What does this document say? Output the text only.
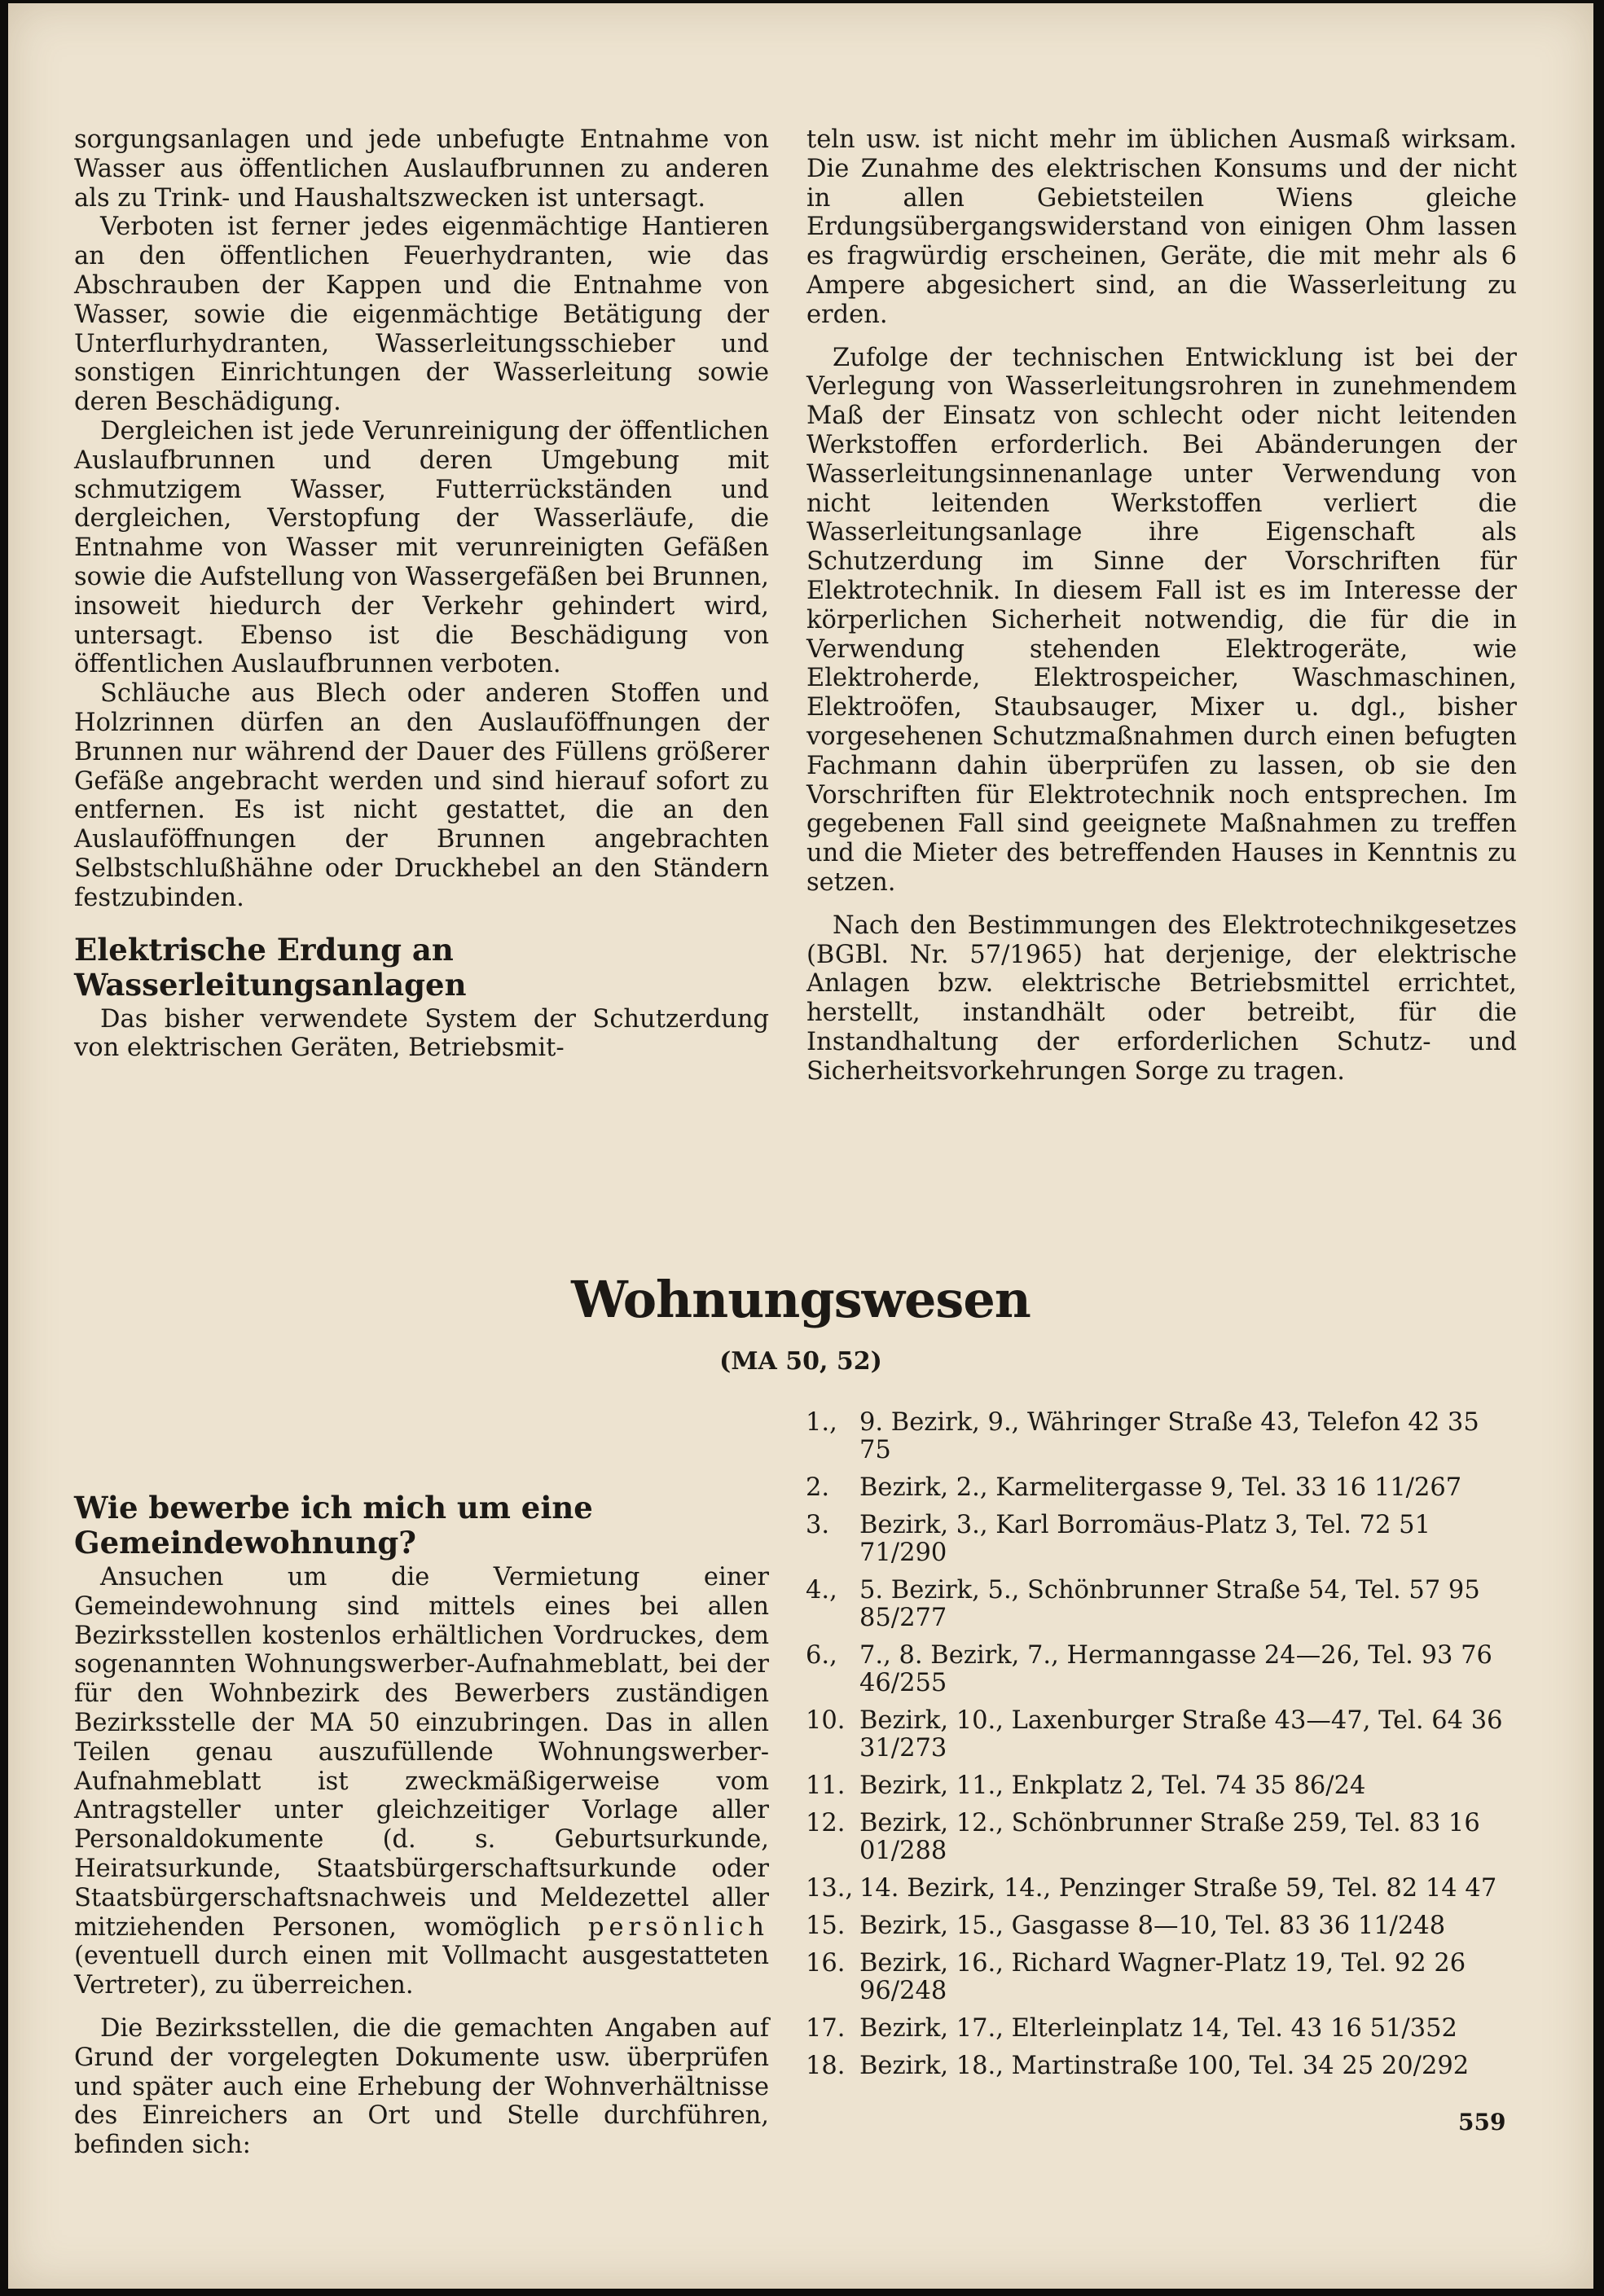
sorgungsanlagen und jede unbefugte Entnahme von Wasser aus öffentlichen Auslaufbrunnen zu anderen als zu Trink- und Haushaltszwecken ist untersagt.

Verboten ist ferner jedes eigenmächtige Hantieren an den öffentlichen Feuerhydranten, wie das Abschrauben der Kappen und die Entnahme von Wasser, sowie die eigenmächtige Betätigung der Unterflurhydranten, Wasserleitungsschieber und sonstigen Einrichtungen der Wasserleitung sowie deren Beschädigung.

Dergleichen ist jede Verunreinigung der öffentlichen Auslaufbrunnen und deren Umgebung mit schmutzigem Wasser, Futterrückständen und dergleichen, Verstopfung der Wasserläufe, die Entnahme von Wasser mit verunreinigten Gefäßen sowie die Aufstellung von Wassergefäßen bei Brunnen, insoweit hiedurch der Verkehr gehindert wird, untersagt. Ebenso ist die Beschädigung von öffentlichen Auslaufbrunnen verboten.

Schläuche aus Blech oder anderen Stoffen und Holzrinnen dürfen an den Auslauföffnungen der Brunnen nur während der Dauer des Füllens größerer Gefäße angebracht werden und sind hierauf sofort zu entfernen. Es ist nicht gestattet, die an den Auslauföffnungen der Brunnen angebrachten Selbstschlußhähne oder Druckhebel an den Ständern festzubinden.

Elektrische Erdung an Wasserleitungsanlagen

Das bisher verwendete System der Schutzerdung von elektrischen Geräten, Betriebsmit-

teln usw. ist nicht mehr im üblichen Ausmaß wirksam. Die Zunahme des elektrischen Konsums und der nicht in allen Gebietsteilen Wiens gleiche Erdungsübergangswiderstand von einigen Ohm lassen es fragwürdig erscheinen, Geräte, die mit mehr als 6 Ampere abgesichert sind, an die Wasserleitung zu erden.

Zufolge der technischen Entwicklung ist bei der Verlegung von Wasserleitungsrohren in zunehmendem Maß der Einsatz von schlecht oder nicht leitenden Werkstoffen erforderlich. Bei Abänderungen der Wasserleitungsinnenanlage unter Verwendung von nicht leitenden Werkstoffen verliert die Wasserleitungsanlage ihre Eigenschaft als Schutzerdung im Sinne der Vorschriften für Elektrotechnik. In diesem Fall ist es im Interesse der körperlichen Sicherheit notwendig, die für die in Verwendung stehenden Elektrogeräte, wie Elektroherde, Elektrospeicher, Waschmaschinen, Elektroöfen, Staubsauger, Mixer u. dgl., bisher vorgesehenen Schutzmaßnahmen durch einen befugten Fachmann dahin überprüfen zu lassen, ob sie den Vorschriften für Elektrotechnik noch entsprechen. Im gegebenen Fall sind geeignete Maßnahmen zu treffen und die Mieter des betreffenden Hauses in Kenntnis zu setzen.

Nach den Bestimmungen des Elektrotechnikgesetzes (BGBl. Nr. 57/1965) hat derjenige, der elektrische Anlagen bzw. elektrische Betriebsmittel errichtet, herstellt, instandhält oder betreibt, für die Instandhaltung der erforderlichen Schutz- und Sicherheitsvorkehrungen Sorge zu tragen.

Wohnungswesen
(MA 50, 52)
Wie bewerbe ich mich um eine Gemeindewohnung?

Ansuchen um die Vermietung einer Gemeindewohnung sind mittels eines bei allen Bezirksstellen kostenlos erhältlichen Vordruckes, dem sogenannten Wohnungswerber-Aufnahmeblatt, bei der für den Wohnbezirk des Bewerbers zuständigen Bezirksstelle der MA 50 einzubringen. Das in allen Teilen genau auszufüllende Wohnungswerber-Aufnahmeblatt ist zweckmäßigerweise vom Antragsteller unter gleichzeitiger Vorlage aller Personaldokumente (d. s. Geburtsurkunde, Heiratsurkunde, Staatsbürgerschaftsurkunde oder Staatsbürgerschaftsnachweis und Meldezettel aller mitziehenden Personen, womöglich persönlich (eventuell durch einen mit Vollmacht ausgestatteten Vertreter), zu überreichen.

Die Bezirksstellen, die die gemachten Angaben auf Grund der vorgelegten Dokumente usw. überprüfen und später auch eine Erhebung der Wohnverhältnisse des Einreichers an Ort und Stelle durchführen, befinden sich:

1., 9. Bezirk, 9., Währinger Straße 43, Telefon 42 35 75
2.	Bezirk, 2., Karmelitergasse 9, Tel. 33 16 11/267
3.	Bezirk, 3., Karl Borromäus-Platz 3, Tel. 72 51 71/290
4., 5. Bezirk, 5., Schönbrunner Straße 54, Tel. 57 95 85/277
6., 7., 8. Bezirk, 7., Hermanngasse 24—26, Tel. 93 76 46/255
10. Bezirk, 10., Laxenburger Straße 43—47, Tel. 64 36 31/273
11. Bezirk, 11., Enkplatz 2, Tel. 74 35 86/24
12. Bezirk, 12., Schönbrunner Straße 259, Tel. 83 16 01/288
13., 14. Bezirk, 14., Penzinger Straße 59, Tel. 82 14 47
15. Bezirk, 15., Gasgasse 8—10, Tel. 83 36 11/248
16. Bezirk, 16., Richard Wagner-Platz 19, Tel. 92 26 96/248
17. Bezirk, 17., Elterleinplatz 14, Tel. 43 16 51/352
18. Bezirk, 18., Martinstraße 100, Tel. 34 25 20/292
559
